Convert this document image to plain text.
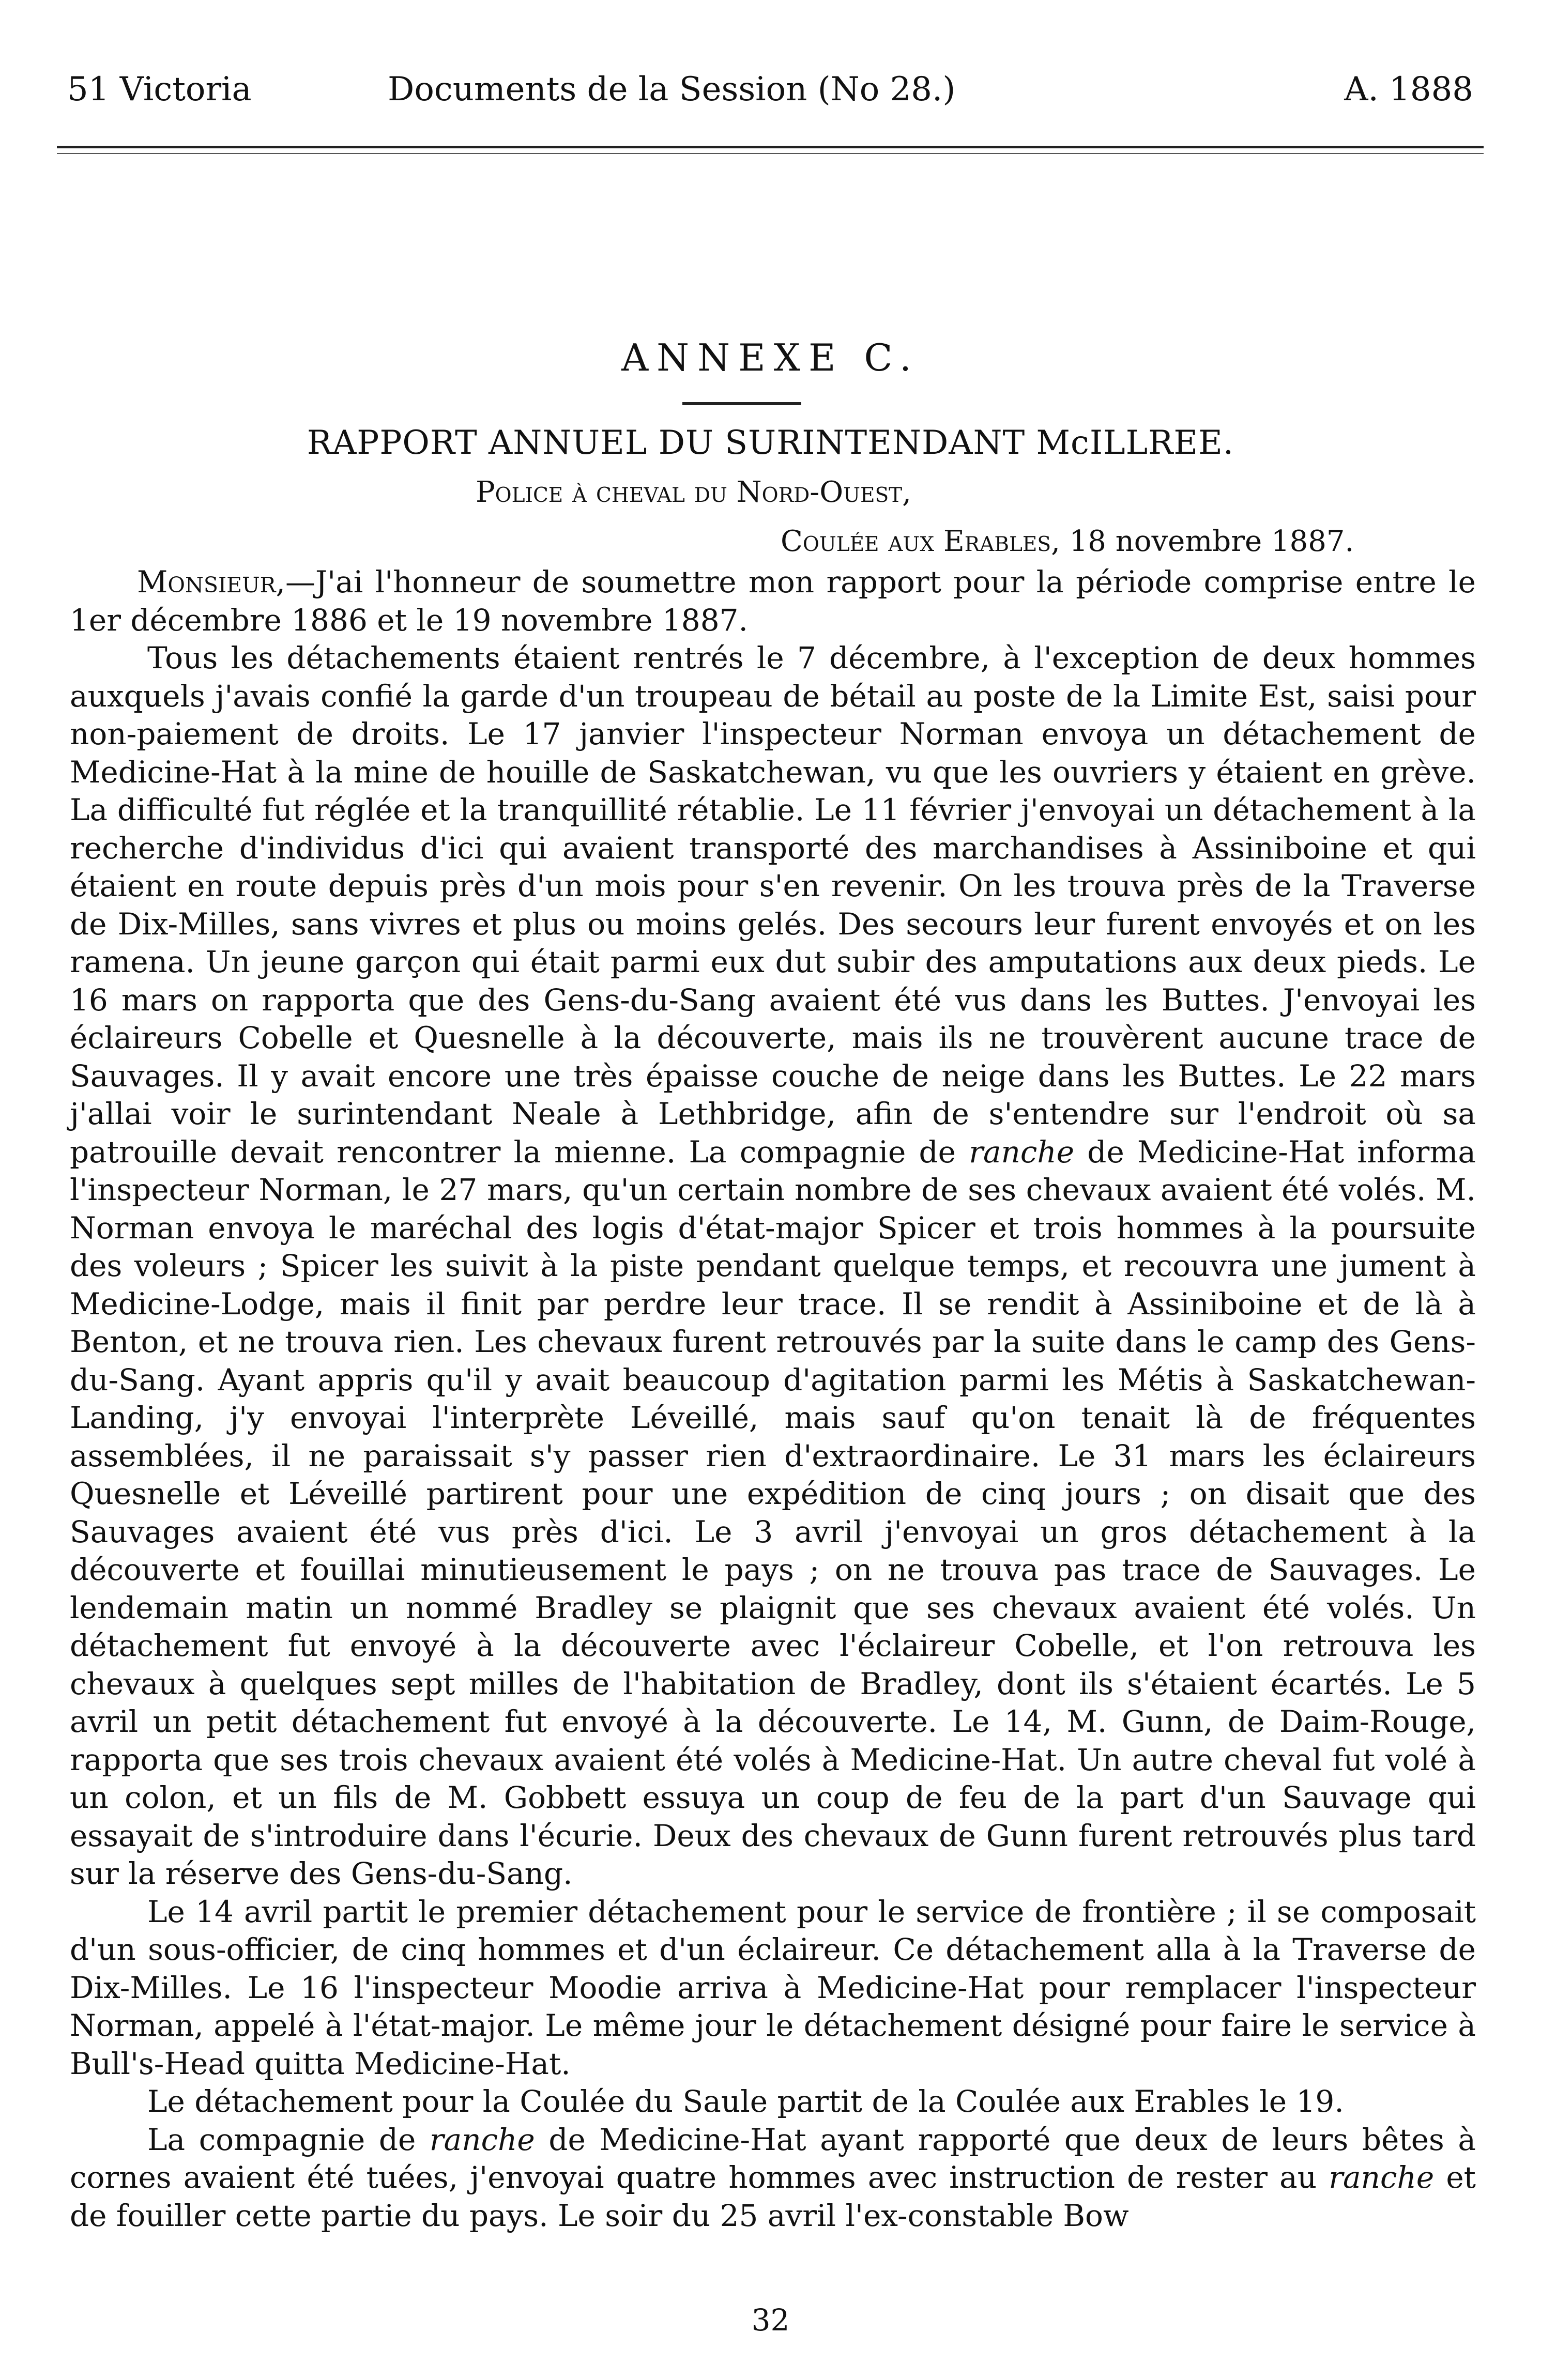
51 Victoria	Documents de la Session (No 28.)	A. 1888
ANNEXE C.
RAPPORT ANNUEL DU SURINTENDANT McILLREE.
Police à cheval du Nord-Ouest,
Coulée aux Erables, 18 novembre 1887.

Monsieur,—J'ai l'honneur de soumettre mon rapport pour la période comprise entre le 1er décembre 1886 et le 19 novembre 1887.

Tous les détachements étaient rentrés le 7 décembre, à l'exception de deux hommes auxquels j'avais confié la garde d'un troupeau de bétail au poste de la Limite Est, saisi pour non-paiement de droits. Le 17 janvier l'inspecteur Norman envoya un détachement de Medicine-Hat à la mine de houille de Saskatchewan, vu que les ouvriers y étaient en grève. La difficulté fut réglée et la tranquillité rétablie. Le 11 février j'envoyai un détachement à la recherche d'individus d'ici qui avaient transporté des marchandises à Assiniboine et qui étaient en route depuis près d'un mois pour s'en revenir. On les trouva près de la Traverse de Dix-Milles, sans vivres et plus ou moins gelés. Des secours leur furent envoyés et on les ramena. Un jeune garçon qui était parmi eux dut subir des amputations aux deux pieds. Le 16 mars on rapporta que des Gens-du-Sang avaient été vus dans les Buttes. J'envoyai les éclaireurs Cobelle et Quesnelle à la découverte, mais ils ne trouvèrent aucune trace de Sauvages. Il y avait encore une très épaisse couche de neige dans les Buttes. Le 22 mars j'allai voir le surintendant Neale à Lethbridge, afin de s'entendre sur l'endroit où sa patrouille devait rencontrer la mienne. La compagnie de ranche de Medicine-Hat informa l'inspecteur Norman, le 27 mars, qu'un certain nombre de ses chevaux avaient été volés. M. Norman envoya le maréchal des logis d'état-major Spicer et trois hommes à la poursuite des voleurs ; Spicer les suivit à la piste pendant quelque temps, et recouvra une jument à Medicine-Lodge, mais il finit par perdre leur trace. Il se rendit à Assiniboine et de là à Benton, et ne trouva rien. Les chevaux furent retrouvés par la suite dans le camp des Gens-du-Sang. Ayant appris qu'il y avait beaucoup d'agitation parmi les Métis à Saskatchewan-Landing, j'y envoyai l'interprète Léveillé, mais sauf qu'on tenait là de fréquentes assemblées, il ne paraissait s'y passer rien d'extraordinaire. Le 31 mars les éclaireurs Quesnelle et Léveillé partirent pour une expédition de cinq jours ; on disait que des Sauvages avaient été vus près d'ici. Le 3 avril j'envoyai un gros détachement à la découverte et fouillai minutieusement le pays ; on ne trouva pas trace de Sauvages. Le lendemain matin un nommé Bradley se plaignit que ses chevaux avaient été volés. Un détachement fut envoyé à la découverte avec l'éclaireur Cobelle, et l'on retrouva les chevaux à quelques sept milles de l'habitation de Bradley, dont ils s'étaient écartés. Le 5 avril un petit détachement fut envoyé à la découverte. Le 14, M. Gunn, de Daim-Rouge, rapporta que ses trois chevaux avaient été volés à Medicine-Hat. Un autre cheval fut volé à un colon, et un fils de M. Gobbett essuya un coup de feu de la part d'un Sauvage qui essayait de s'introduire dans l'écurie. Deux des chevaux de Gunn furent retrouvés plus tard sur la réserve des Gens-du-Sang.

Le 14 avril partit le premier détachement pour le service de frontière ; il se composait d'un sous-officier, de cinq hommes et d'un éclaireur. Ce détachement alla à la Traverse de Dix-Milles. Le 16 l'inspecteur Moodie arriva à Medicine-Hat pour remplacer l'inspecteur Norman, appelé à l'état-major. Le même jour le détachement désigné pour faire le service à Bull's-Head quitta Medicine-Hat.

Le détachement pour la Coulée du Saule partit de la Coulée aux Erables le 19.

La compagnie de ranche de Medicine-Hat ayant rapporté que deux de leurs bêtes à cornes avaient été tuées, j'envoyai quatre hommes avec instruction de rester au ranche et de fouiller cette partie du pays. Le soir du 25 avril l'ex-constable Bow

32
